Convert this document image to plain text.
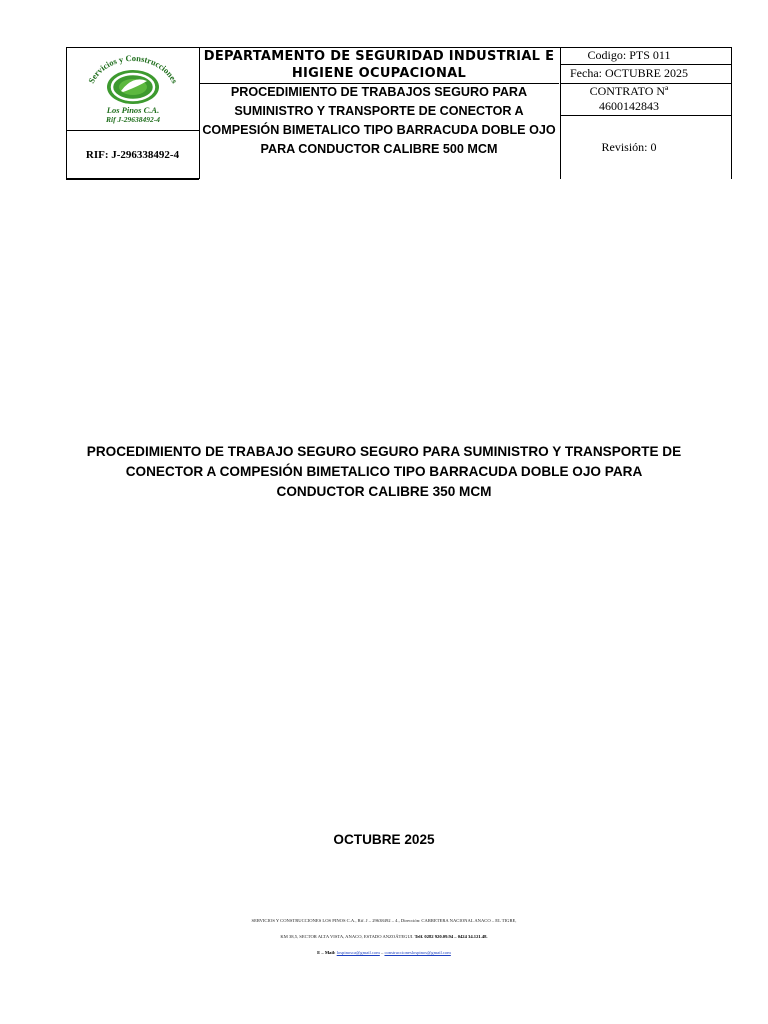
Servicios y Construcciones
Los Pinos C.A.
Rif J-29638492-4
RIF: J-296338492-4
DEPARTAMENTO DE SEGURIDAD INDUSTRIAL E HIGIENE OCUPACIONAL
PROCEDIMIENTO DE TRABAJOS SEGURO PARA SUMINISTRO Y TRANSPORTE DE CONECTOR A COMPESIÓN BIMETALICO TIPO BARRACUDA DOBLE OJO PARA CONDUCTOR CALIBRE 500 MCM
Codigo: PTS 011
Fecha: OCTUBRE 2025
CONTRATO Nª
4600142843
Revisión: 0
PROCEDIMIENTO DE TRABAJO SEGURO SEGURO PARA SUMINISTRO Y TRANSPORTE DE CONECTOR A COMPESIÓN BIMETALICO TIPO BARRACUDA DOBLE OJO PARA CONDUCTOR CALIBRE 350 MCM
OCTUBRE 2025
SERVICIOS Y CONSTRUCCIONES LOS PINOS C.A., Rif. J – 29638492 – 4., Dirección: CARRETERA NACIONAL ANACO – EL TIGRE,
KM 38,5, SECTOR ALTA VISTA, ANACO, ESTADO ANZOÁTEGUI. Telf. 0282 920.09.94 – 0424 34.121.48.
E – Mail: lospinosca@gmail.com – construccioneslospinos@gmail.com
